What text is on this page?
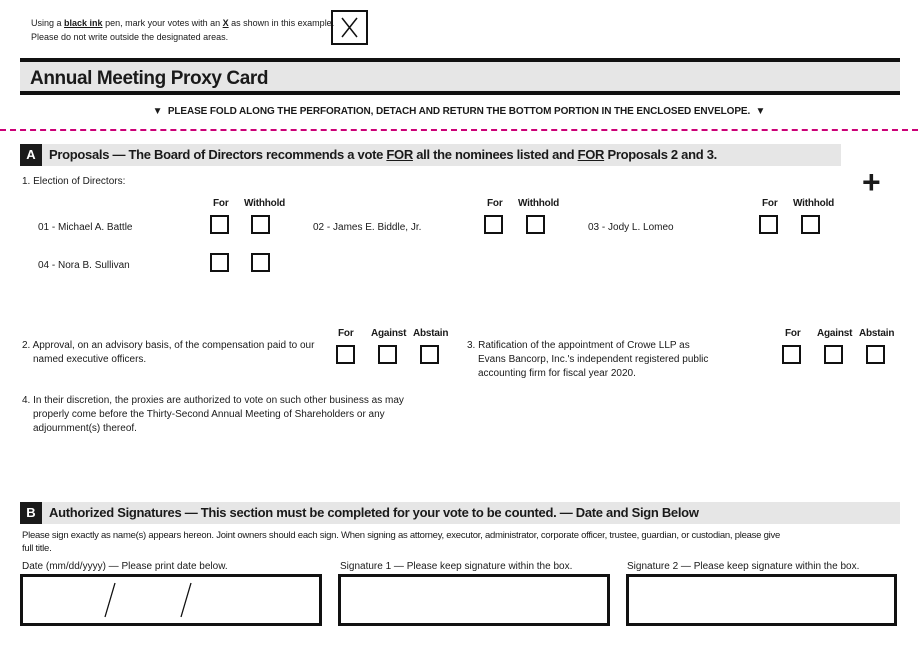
Using a black ink pen, mark your votes with an X as shown in this example.
Please do not write outside the designated areas.
Annual Meeting Proxy Card
▼ PLEASE FOLD ALONG THE PERFORATION, DETACH AND RETURN THE BOTTOM PORTION IN THE ENCLOSED ENVELOPE. ▼
A	Proposals — The Board of Directors recommends a vote FOR all the nominees listed and FOR Proposals 2 and 3.
+
1. Election of Directors:
For Withhold	For Withhold	For Withhold
01 - Michael A. Battle	02 - James E. Biddle, Jr.	03 - Jody L. Lomeo
04 - Nora B. Sullivan
For Against Abstain
2. Approval, on an advisory basis, of the compensation paid to our
named executive officers.
For Against Abstain
3. Ratification of the appointment of Crowe LLP as
Evans Bancorp, Inc.'s independent registered public
accounting firm for fiscal year 2020.
4. In their discretion, the proxies are authorized to vote on such other business as may
properly come before the Thirty-Second Annual Meeting of Shareholders or any
adjournment(s) thereof.
B	Authorized Signatures — This section must be completed for your vote to be counted. — Date and Sign Below
Please sign exactly as name(s) appears hereon. Joint owners should each sign. When signing as attorney, executor, administrator, corporate officer, trustee, guardian, or custodian, please give
full title.
Date (mm/dd/yyyy) — Please print date below.	Signature 1 — Please keep signature within the box.	Signature 2 — Please keep signature within the box.
